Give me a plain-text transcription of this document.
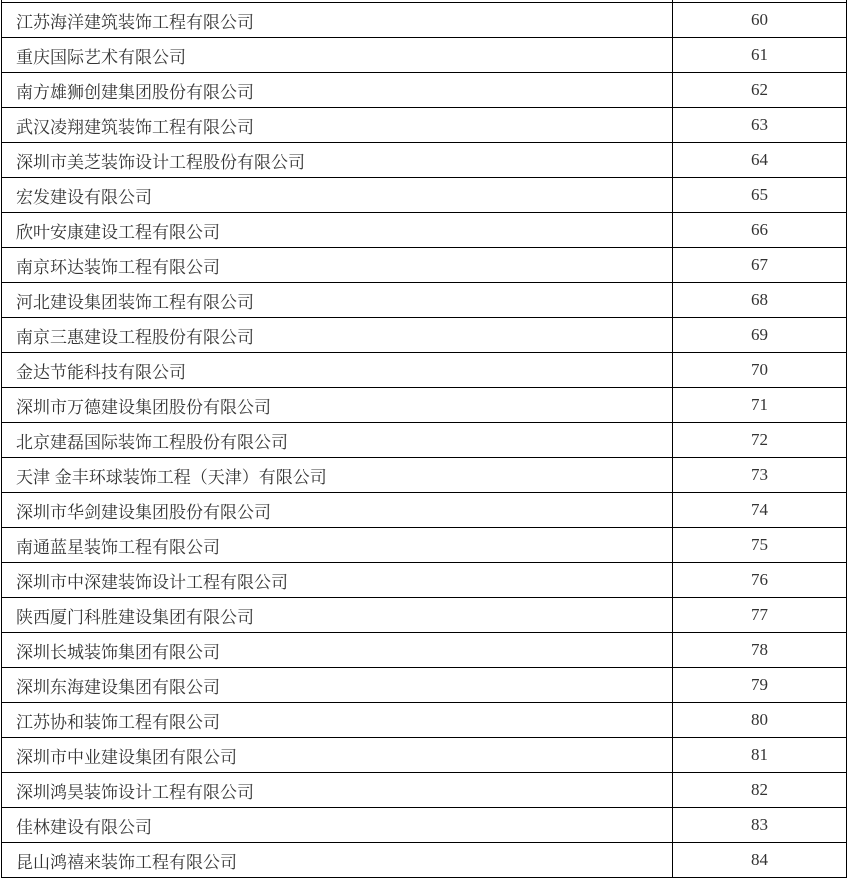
江苏海洋建筑装饰工程有限公司	60
重庆国际艺术有限公司	61
南方雄狮创建集团股份有限公司	62
武汉凌翔建筑装饰工程有限公司	63
深圳市美芝装饰设计工程股份有限公司	64
宏发建设有限公司	65
欣叶安康建设工程有限公司	66
南京环达装饰工程有限公司	67
河北建设集团装饰工程有限公司	68
南京三惠建设工程股份有限公司	69
金达节能科技有限公司	70
深圳市万德建设集团股份有限公司	71
北京建磊国际装饰工程股份有限公司	72
天津 金丰环球装饰工程（天津）有限公司	73
深圳市华剑建设集团股份有限公司	74
南通蓝星装饰工程有限公司	75
深圳市中深建装饰设计工程有限公司	76
陕西厦门科胜建设集团有限公司	77
深圳长城装饰集团有限公司	78
深圳东海建设集团有限公司	79
江苏协和装饰工程有限公司	80
深圳市中业建设集团有限公司	81
深圳鸿昊装饰设计工程有限公司	82
佳林建设有限公司	83
昆山鸿禧来装饰工程有限公司	84
